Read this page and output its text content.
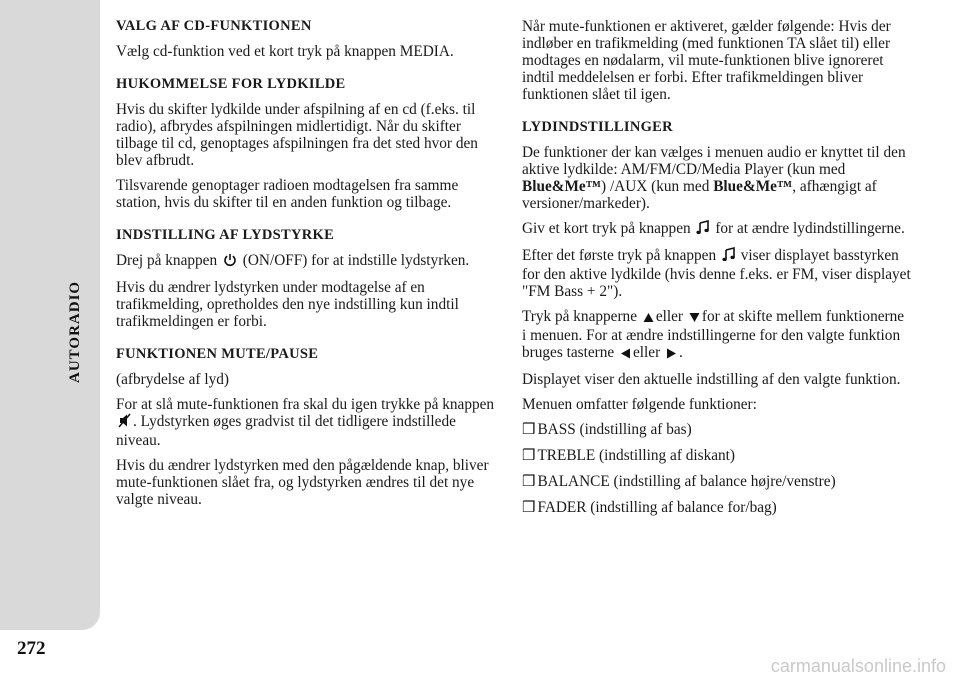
AUTORADIO
272
carmanualsonline.info
VALG AF CD-FUNKTIONEN

Vælg cd-funktion ved et kort tryk på knappen MEDIA.

HUKOMMELSE FOR LYDKILDE

Hvis du skifter lydkilde under afspilning af en cd (f.eks. til radio), afbrydes afspilningen midlertidigt. Når du skifter tilbage til cd, genoptages afspilningen fra det sted hvor den blev afbrudt.

Tilsvarende genoptager radioen modtagelsen fra samme station, hvis du skifter til en anden funktion og tilbage.

INDSTILLING AF LYDSTYRKE

Drej på knappen (ON/OFF) for at indstille lydstyrken.

Hvis du ændrer lydstyrken under modtagelse af en trafikmelding, opretholdes den nye indstilling kun indtil trafikmeldingen er forbi.

FUNKTIONEN MUTE/PAUSE

(afbrydelse af lyd)

For at slå mute-funktionen fra skal du igen trykke på knappen . Lydstyrken øges gradvist til det tidligere indstillede niveau.

Hvis du ændrer lydstyrken med den pågældende knap, bliver mute-funktionen slået fra, og lydstyrken ændres til det nye valgte niveau.

Når mute-funktionen er aktiveret, gælder følgende: Hvis der indløber en trafikmelding (med funktionen TA slået til) eller modtages en nødalarm, vil mute-funktionen blive ignoreret indtil meddelelsen er forbi. Efter trafikmeldingen bliver funktionen slået til igen.

LYDINDSTILLINGER

De funktioner der kan vælges i menuen audio er knyttet til den aktive lydkilde: AM/FM/CD/Media Player (kun med Blue&Me™) /AUX (kun med Blue&Me™, afhængigt af versioner/markeder).

Giv et kort tryk på knappen for at ændre lydindstillingerne.

Efter det første tryk på knappen viser displayet basstyrken for den aktive lydkilde (hvis denne f.eks. er FM, viser displayet "FM Bass + 2").

Tryk på knapperne eller for at skifte mellem funktionerne i menuen. For at ændre indstillingerne for den valgte funktion bruges tasterne eller .

Displayet viser den aktuelle indstilling af den valgte funktion.

Menuen omfatter følgende funktioner:

❒ BASS (indstilling af bas)

❒ TREBLE (indstilling af diskant)

❒ BALANCE (indstilling af balance højre/venstre)

❒ FADER (indstilling af balance for/bag)
